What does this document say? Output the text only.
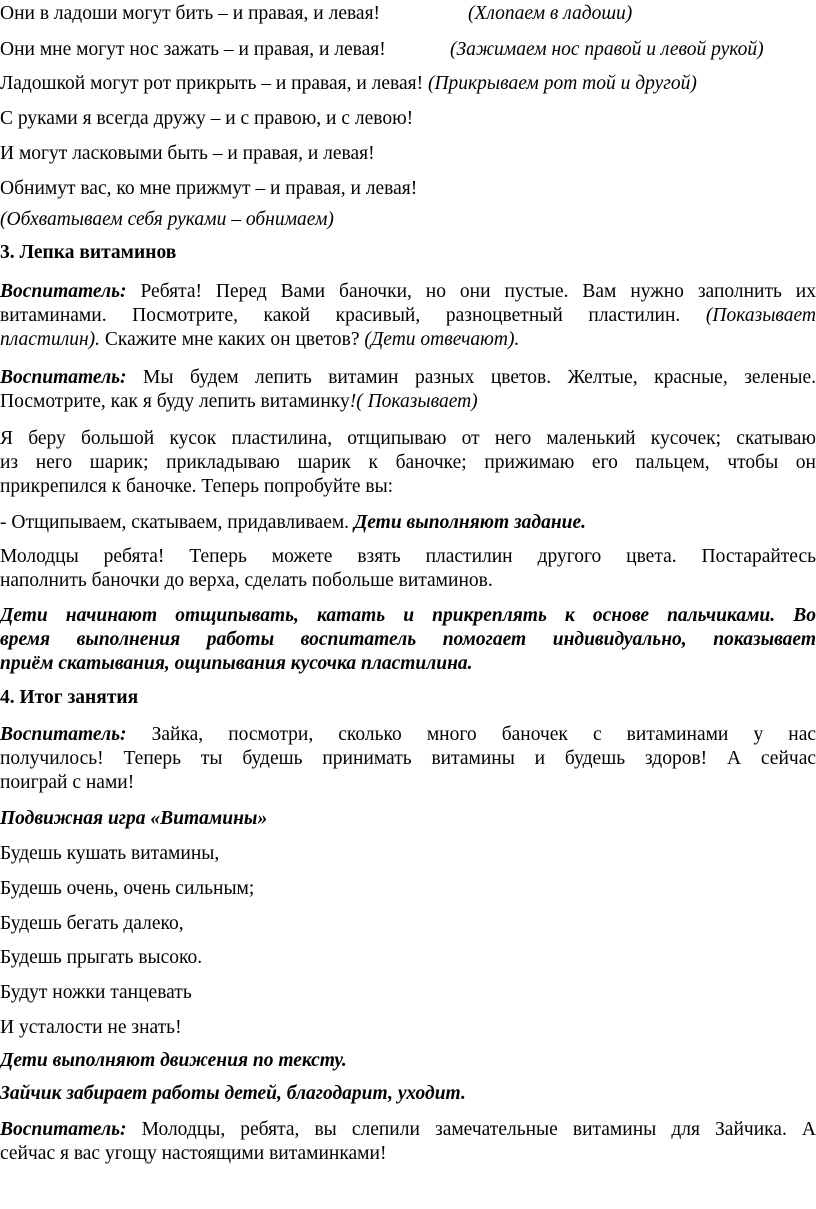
Они в ладоши могут бить – и правая, и левая!	(Хлопаем в ладоши)
Они мне могут нос зажать – и правая, и левая!	(Зажимаем нос правой и левой рукой)
Ладошкой могут рот прикрыть – и правая, и левая! (Прикрываем рот той и другой)
С руками я всегда дружу – и с правою, и с левою!
И могут ласковыми быть – и правая, и левая!
Обнимут вас, ко мне прижмут – и правая, и левая!
(Обхватываем себя руками – обнимаем)
3. Лепка витаминов
Воспитатель: Ребята! Перед Вами баночки, но они пустые. Вам нужно заполнить их
витаминами. Посмотрите, какой красивый, разноцветный пластилин. (Показывает
пластилин). Скажите мне каких он цветов? (Дети отвечают).
Воспитатель: Мы будем лепить витамин разных цветов. Желтые, красные, зеленые.
Посмотрите, как я буду лепить витаминку!( Показывает)
Я беру большой кусок пластилина, отщипываю от него маленький кусочек; скатываю
из него шарик; прикладываю шарик к баночке; прижимаю его пальцем, чтобы он
прикрепился к баночке. Теперь попробуйте вы:
- Отщипываем, скатываем, придавливаем. Дети выполняют задание.
Молодцы ребята! Теперь можете взять пластилин другого цвета. Постарайтесь
наполнить баночки до верха, сделать побольше витаминов.
Дети начинают отщипывать, катать и прикреплять к основе пальчиками. Во
время выполнения работы воспитатель помогает индивидуально, показывает
приём скатывания, ощипывания кусочка пластилина.
4. Итог занятия
Воспитатель: Зайка, посмотри, сколько много баночек с витаминами у нас
получилось! Теперь ты будешь принимать витамины и будешь здоров! А сейчас
поиграй с нами!
Подвижная игра «Витамины»
Будешь кушать витамины,
Будешь очень, очень сильным;
Будешь бегать далеко,
Будешь прыгать высоко.
Будут ножки танцевать
И усталости не знать!
Дети выполняют движения по тексту.
Зайчик забирает работы детей, благодарит, уходит.
Воспитатель: Молодцы, ребята, вы слепили замечательные витамины для Зайчика. А
сейчас я вас угощу настоящими витаминками!
